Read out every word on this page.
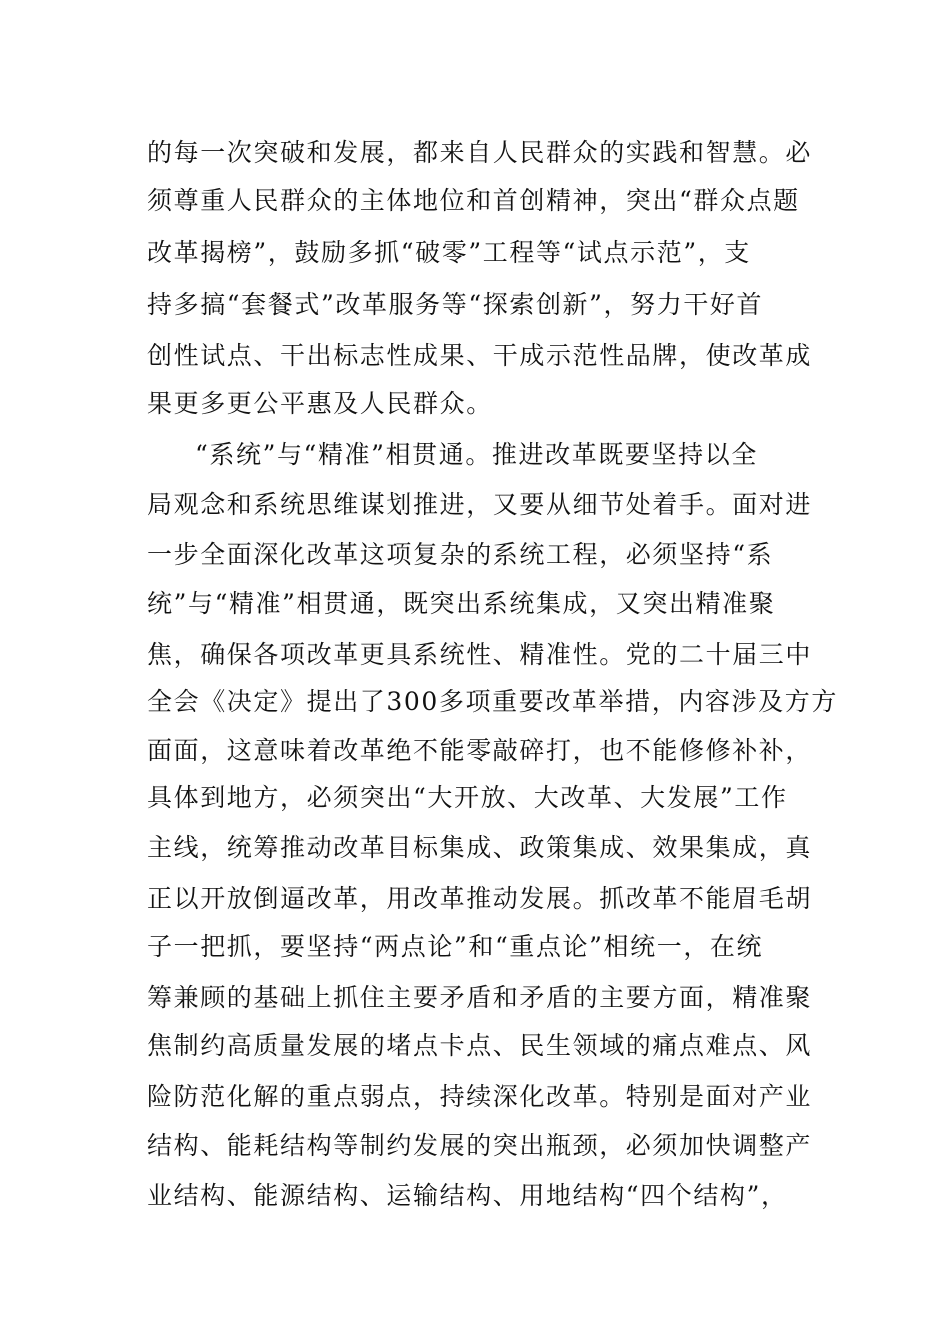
的每一次突破和发展，都来自人民群众的实践和智慧。必
须尊重人民群众的主体地位和首创精神，突出“群众点题
改革揭榜”，鼓励多抓“破零”工程等“试点示范”，支
持多搞“套餐式”改革服务等“探索创新”，努力干好首
创性试点、干出标志性成果、干成示范性品牌，使改革成
果更多更公平惠及人民群众。
“系统”与“精准”相贯通。推进改革既要坚持以全
局观念和系统思维谋划推进，又要从细节处着手。面对进
一步全面深化改革这项复杂的系统工程，必须坚持“系
统”与“精准”相贯通，既突出系统集成，又突出精准聚
焦，确保各项改革更具系统性、精准性。党的二十届三中
全会《决定》提出了300多项重要改革举措，内容涉及方方
面面，这意味着改革绝不能零敲碎打，也不能修修补补，
具体到地方，必须突出“大开放、大改革、大发展”工作
主线，统筹推动改革目标集成、政策集成、效果集成，真
正以开放倒逼改革，用改革推动发展。抓改革不能眉毛胡
子一把抓，要坚持“两点论”和“重点论”相统一，在统
筹兼顾的基础上抓住主要矛盾和矛盾的主要方面，精准聚
焦制约高质量发展的堵点卡点、民生领域的痛点难点、风
险防范化解的重点弱点，持续深化改革。特别是面对产业
结构、能耗结构等制约发展的突出瓶颈，必须加快调整产
业结构、能源结构、运输结构、用地结构“四个结构”，
